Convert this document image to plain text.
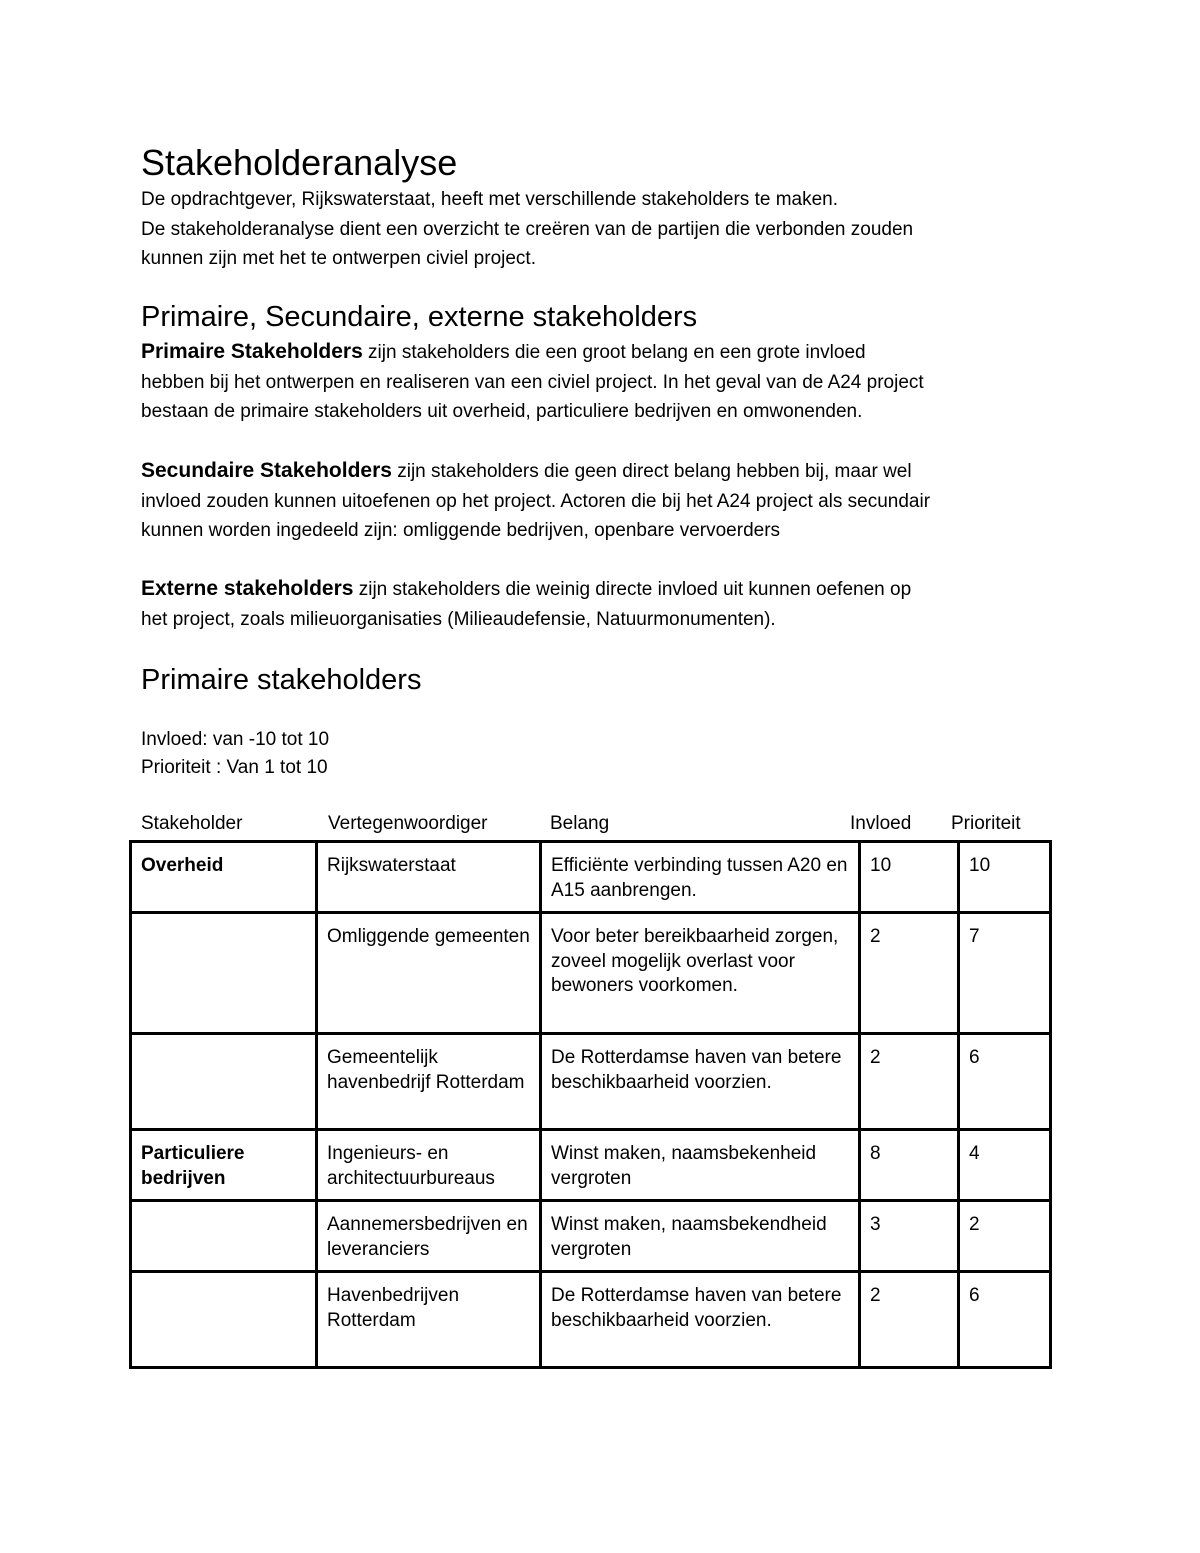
Stakeholderanalyse

De opdrachtgever, Rijkswaterstaat, heeft met verschillende stakeholders te maken.
De stakeholderanalyse dient een overzicht te creëren van de partijen die verbonden zouden
kunnen zijn met het te ontwerpen civiel project.

Primaire, Secundaire, externe stakeholders

Primaire Stakeholders zijn stakeholders die een groot belang en een grote invloed
hebben bij het ontwerpen en realiseren van een civiel project. In het geval van de A24 project
bestaan de primaire stakeholders uit overheid, particuliere bedrijven en omwonenden.

Secundaire Stakeholders zijn stakeholders die geen direct belang hebben bij, maar wel
invloed zouden kunnen uitoefenen op het project. Actoren die bij het A24 project als secundair
kunnen worden ingedeeld zijn: omliggende bedrijven, openbare vervoerders

Externe stakeholders zijn stakeholders die weinig directe invloed uit kunnen oefenen op
het project, zoals milieuorganisaties (Milieaudefensie, Natuurmonumenten).

Primaire stakeholders

Invloed: van -10 tot 10
Prioriteit : Van 1 tot 10

Stakeholder	Vertegenwoordiger	Belang	Invloed Prioriteit
Overheid	Rijkswaterstaat	Efficiënte verbinding tussen A20 en A15 aanbrengen.	10	10
	Omliggende gemeenten	Voor beter bereikbaarheid zorgen, zoveel mogelijk overlast voor bewoners voorkomen.	2	7
	Gemeentelijk havenbedrijf Rotterdam	De Rotterdamse haven van betere beschikbaarheid voorzien.	2	6
Particuliere bedrijven	Ingenieurs- en architectuurbureaus	Winst maken, naamsbekenheid vergroten	8	4
	Aannemersbedrijven en leveranciers	Winst maken, naamsbekendheid vergroten	3	2
	Havenbedrijven Rotterdam	De Rotterdamse haven van betere beschikbaarheid voorzien.	2	6
